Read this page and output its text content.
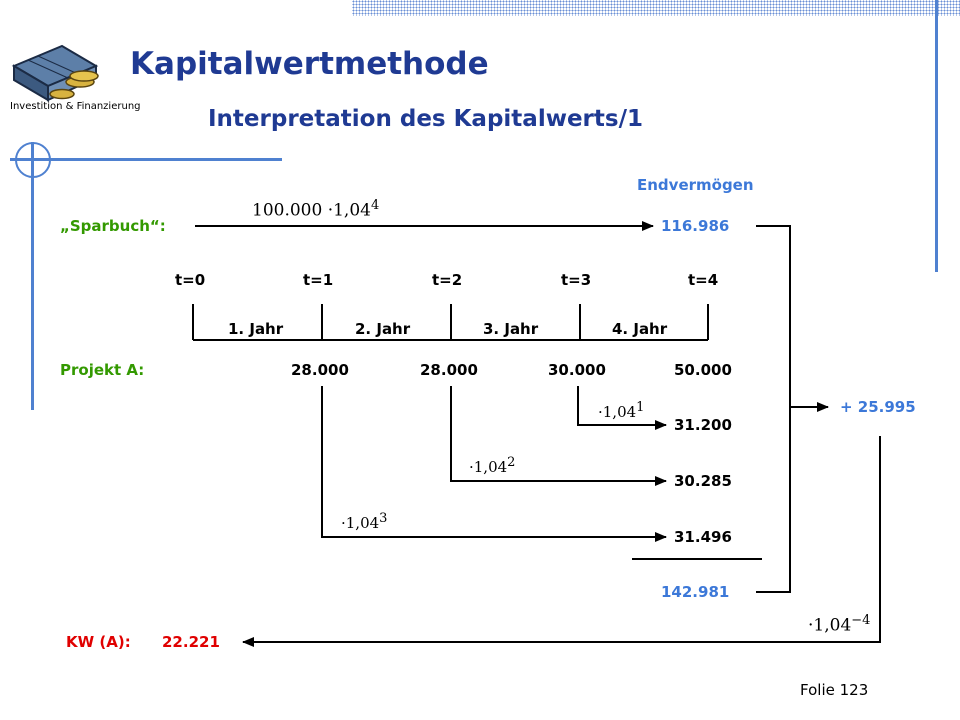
Investition & Finanzierung
Kapitalwertmethode
Interpretation des Kapitalwerts/1
„Sparbuch“:
$100.000 \cdot 1,04^4$
Endvermögen
116.986
t=0	t=1	t=2	t=3	t=4
1. Jahr	2. Jahr	3. Jahr	4. Jahr
Projekt A:	28.000	28.000	30.000	50.000
$\cdot 1,04^1$
$\cdot 1,04^2$
$\cdot 1,04^3$
31.200
30.285
31.496
142.981
+ 25.995
$\cdot 1,04^{-4}$
KW (A): 22.221
Folie 123
